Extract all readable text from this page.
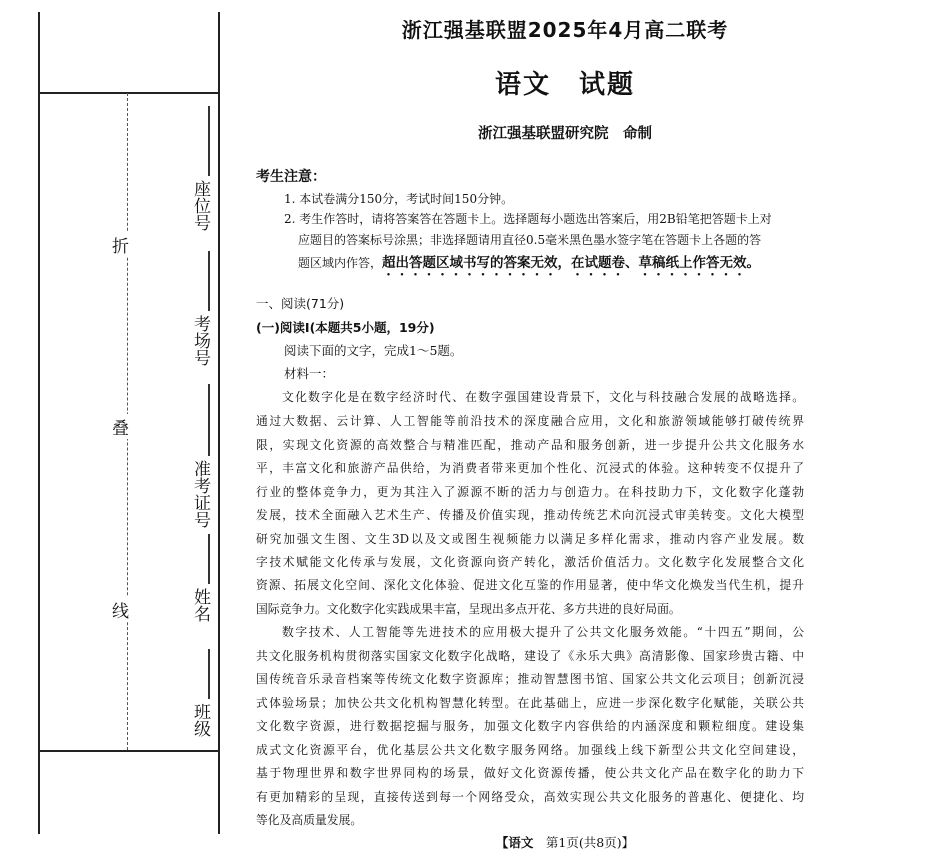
折
叠
线
座位号
考场号
准考证号
姓名
班级
浙江强基联盟2025年4月高二联考
语文　试题
浙江强基联盟研究院　命制
考生注意：
1. 本试卷满分150分，考试时间150分钟。
2. 考生作答时，请将答案答在答题卡上。选择题每小题选出答案后，用2B铅笔把答题卡上对
应题目的答案标号涂黑；非选择题请用直径0.5毫米黑色墨水签字笔在答题卡上各题的答
题区域内作答，超出答题区域书写的答案无效，在试题卷、草稿纸上作答无效。
一、阅读(71分)
(一)阅读Ⅰ(本题共5小题，19分)
阅读下面的文字，完成1～5题。
材料一：
文化数字化是在数字经济时代、在数字强国建设背景下，文化与科技融合发展的战略选择。
通过大数据、云计算、人工智能等前沿技术的深度融合应用，文化和旅游领域能够打破传统界
限，实现文化资源的高效整合与精准匹配，推动产品和服务创新，进一步提升公共文化服务水
平，丰富文化和旅游产品供给，为消费者带来更加个性化、沉浸式的体验。这种转变不仅提升了
行业的整体竞争力，更为其注入了源源不断的活力与创造力。在科技助力下，文化数字化蓬勃
发展，技术全面融入艺术生产、传播及价值实现，推动传统艺术向沉浸式审美转变。文化大模型
研究加强文生图、文生3D以及文或图生视频能力以满足多样化需求，推动内容产业发展。数
字技术赋能文化传承与发展，文化资源向资产转化，激活价值活力。文化数字化发展整合文化
资源、拓展文化空间、深化文化体验、促进文化互鉴的作用显著，使中华文化焕发当代生机，提升
国际竞争力。文化数字化实践成果丰富，呈现出多点开花、多方共进的良好局面。
数字技术、人工智能等先进技术的应用极大提升了公共文化服务效能。“十四五”期间，公
共文化服务机构贯彻落实国家文化数字化战略，建设了《永乐大典》高清影像、国家珍贵古籍、中
国传统音乐录音档案等传统文化数字资源库；推动智慧图书馆、国家公共文化云项目；创新沉浸
式体验场景；加快公共文化机构智慧化转型。在此基础上，应进一步深化数字化赋能，关联公共
文化数字资源，进行数据挖掘与服务，加强文化数字内容供给的内涵深度和颗粒细度。建设集
成式文化资源平台，优化基层公共文化数字服务网络。加强线上线下新型公共文化空间建设，
基于物理世界和数字世界同构的场景，做好文化资源传播，使公共文化产品在数字化的助力下
有更加精彩的呈现，直接传送到每一个网络受众，高效实现公共文化服务的普惠化、便捷化、均
等化及高质量发展。
【语文　 第1页(共8页)】
